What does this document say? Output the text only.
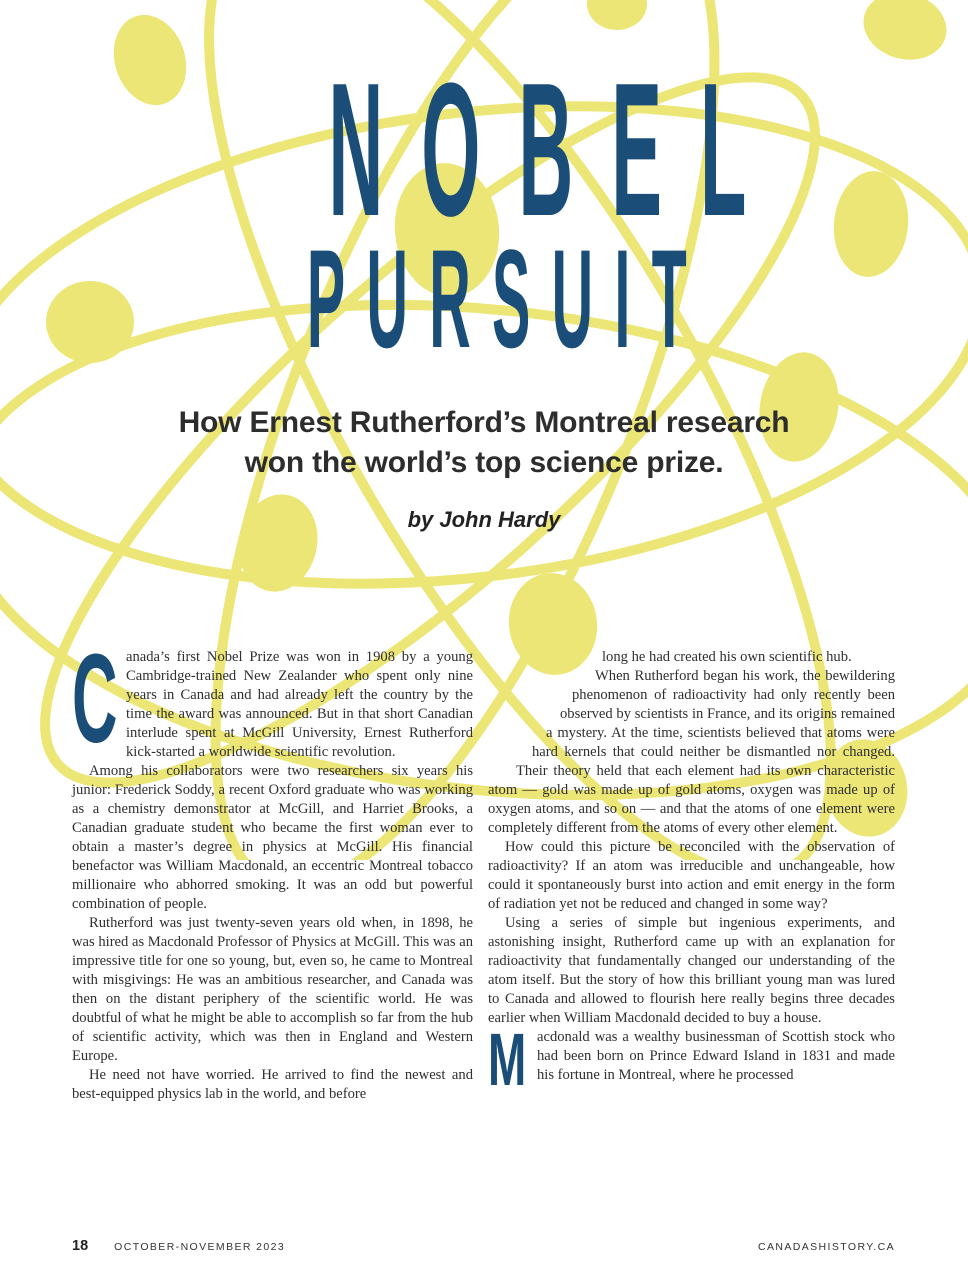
NOBEL
PURSUIT
How Ernest Rutherford’s Montreal research
won the world’s top science prize.
by John Hardy

C anada’s first Nobel Prize was won in 1908 by a young Cambridge-trained New Zealander who spent only nine years in Canada and had already left the country by the time the award was announced. But in that short Canadian interlude spent at McGill University, Ernest Rutherford kick-started a worldwide scientific revolution.

Among his collaborators were two researchers six years his junior: Frederick Soddy, a recent Oxford graduate who was working as a chemistry demonstrator at McGill, and Harriet Brooks, a Canadian graduate student who became the first woman ever to obtain a master’s degree in physics at McGill. His financial benefactor was William Macdonald, an eccentric Montreal tobacco millionaire who abhorred smoking. It was an odd but powerful combination of people.

Rutherford was just twenty-seven years old when, in 1898, he was hired as Macdonald Professor of Physics at McGill. This was an impressive title for one so young, but, even so, he came to Montreal with misgivings: He was an ambitious researcher, and Canada was then on the distant periphery of the scientific world. He was doubtful of what he might be able to accomplish so far from the hub of scientific activity, which was then in England and Western Europe.

He need not have worried. He arrived to find the newest and best-equipped physics lab in the world, and before

long he had created his own scientific hub.

When Rutherford began his work, the bewildering phenomenon of radioactivity had only recently been observed by scientists in France, and its origins remained a mystery. At the time, scientists believed that atoms were hard kernels that could neither be dismantled nor changed. Their theory held that each element had its own characteristic atom — gold was made up of gold atoms, oxygen was made up of oxygen atoms, and so on — and that the atoms of one element were completely different from the atoms of every other element.

How could this picture be reconciled with the observation of radioactivity? If an atom was irreducible and unchangeable, how could it spontaneously burst into action and emit energy in the form of radiation yet not be reduced and changed in some way?

Using a series of simple but ingenious experiments, and astonishing insight, Rutherford came up with an explanation for radioactivity that fundamentally changed our understanding of the atom itself. But the story of how this brilliant young man was lured to Canada and allowed to flourish here really begins three decades earlier when William Macdonald decided to buy a house.

M acdonald was a wealthy businessman of Scottish stock who had been born on Prince Edward Island in 1831 and made his fortune in Montreal, where he processed

18 OCTOBER-NOVEMBER 2023	CANADASHISTORY.CA
